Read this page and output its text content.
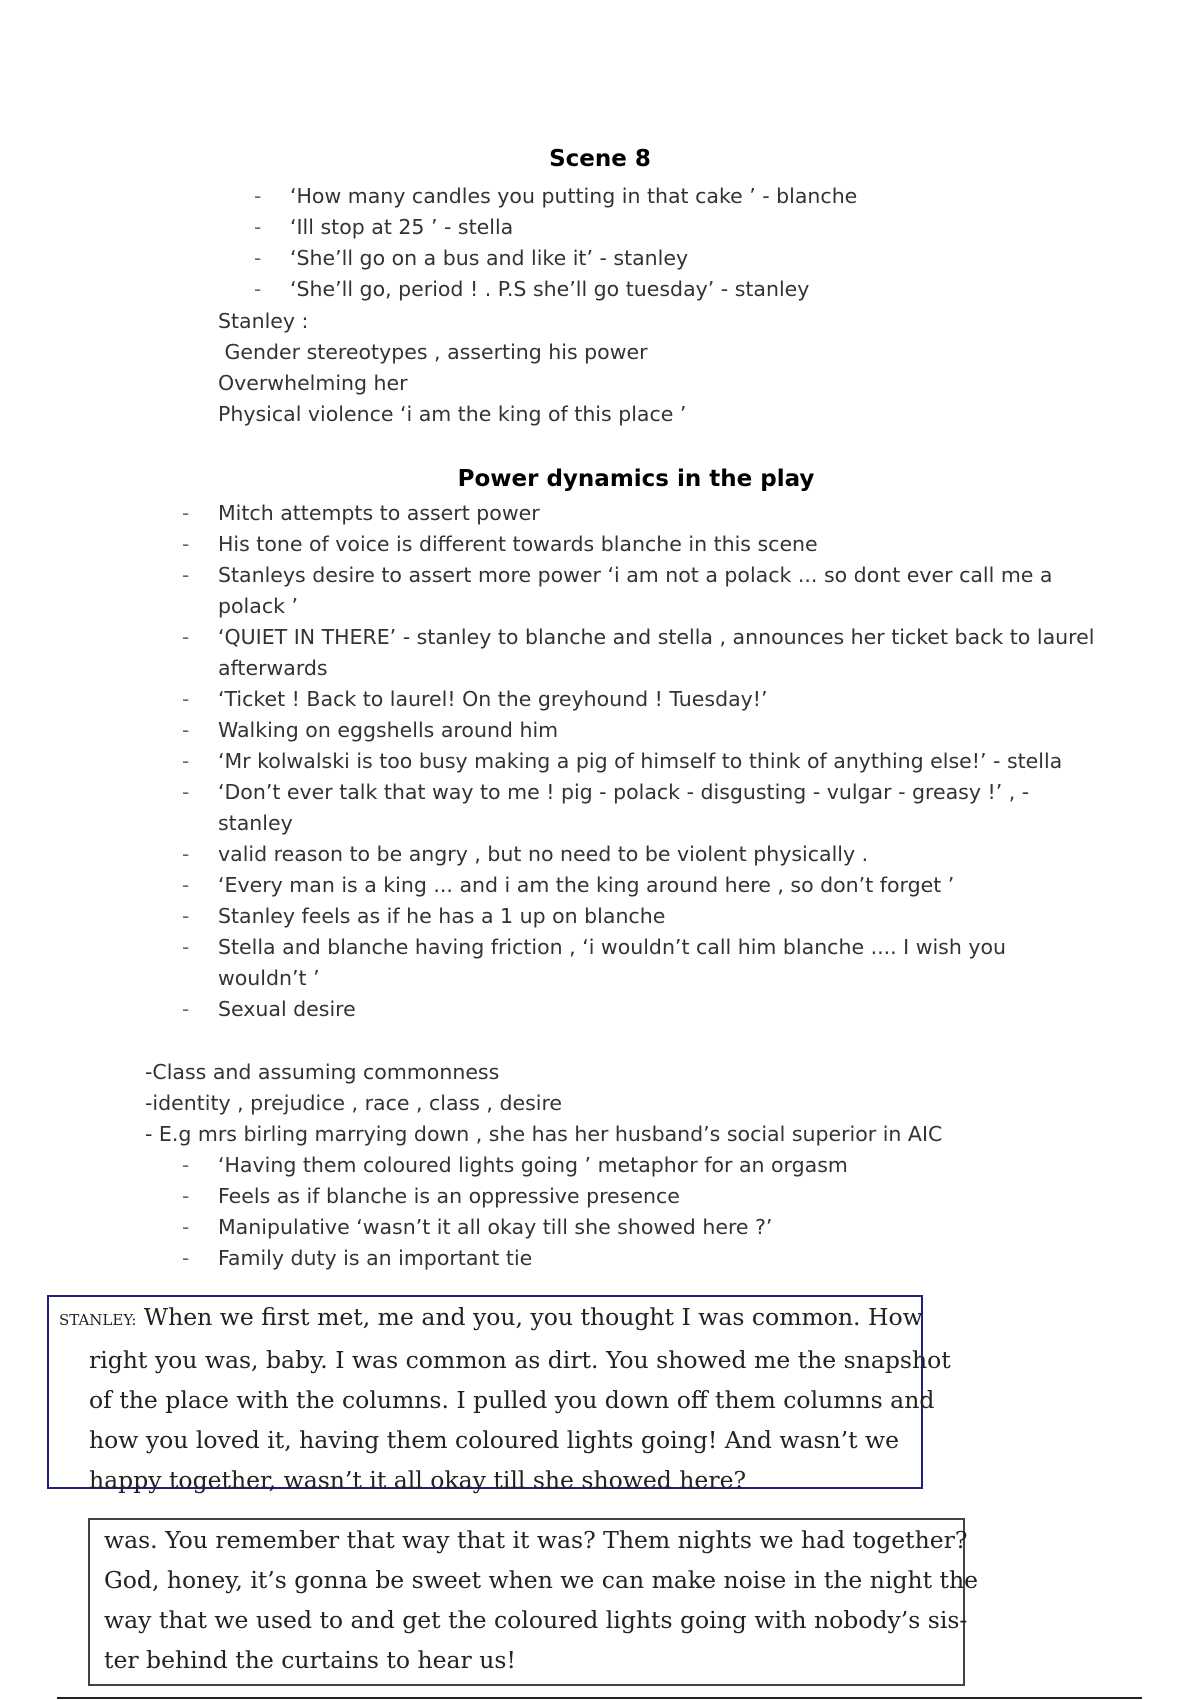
Scene 8
- ‘How many candles you putting in that cake ’ - blanche
- ‘Ill stop at 25 ’ - stella
- ‘She’ll go on a bus and like it’ - stanley
- ‘She’ll go, period ! . P.S she’ll go tuesday’ - stanley

Stanley :

Gender stereotypes , asserting his power

Overwhelming her

Physical violence ‘i am the king of this place ’

Power dynamics in the play
- Mitch attempts to assert power
- His tone of voice is different towards blanche in this scene
- Stanleys desire to assert more power ‘i am not a polack ... so dont ever call me a polack ’
- ‘QUIET IN THERE’ - stanley to blanche and stella , announces her ticket back to laurel afterwards
- ‘Ticket ! Back to laurel! On the greyhound ! Tuesday!’
- Walking on eggshells around him
- ‘Mr kolwalski is too busy making a pig of himself to think of anything else!’ - stella
- ‘Don’t ever talk that way to me ! pig - polack - disgusting - vulgar - greasy !’ , - stanley
- valid reason to be angry , but no need to be violent physically .
- ‘Every man is a king ... and i am the king around here , so don’t forget ’
- Stanley feels as if he has a 1 up on blanche
- Stella and blanche having friction , ‘i wouldn’t call him blanche .... I wish you wouldn’t ’
- Sexual desire

-Class and assuming commonness

-identity , prejudice , race , class , desire

- E.g mrs birling marrying down , she has her husband’s social superior in AIC

- ‘Having them coloured lights going ’ metaphor for an orgasm
- Feels as if blanche is an oppressive presence
- Manipulative ‘wasn’t it all okay till she showed here ?’
- Family duty is an important tie
STANLEY: When we first met, me and you, you thought I was common. How
right you was, baby. I was common as dirt. You showed me the snapshot
of the place with the columns. I pulled you down off them columns and
how you loved it, having them coloured lights going! And wasn’t we
happy together, wasn’t it all okay till she showed here?
was. You remember that way that it was? Them nights we had together?
God, honey, it’s gonna be sweet when we can make noise in the night the
way that we used to and get the coloured lights going with nobody’s sis-
ter behind the curtains to hear us!
